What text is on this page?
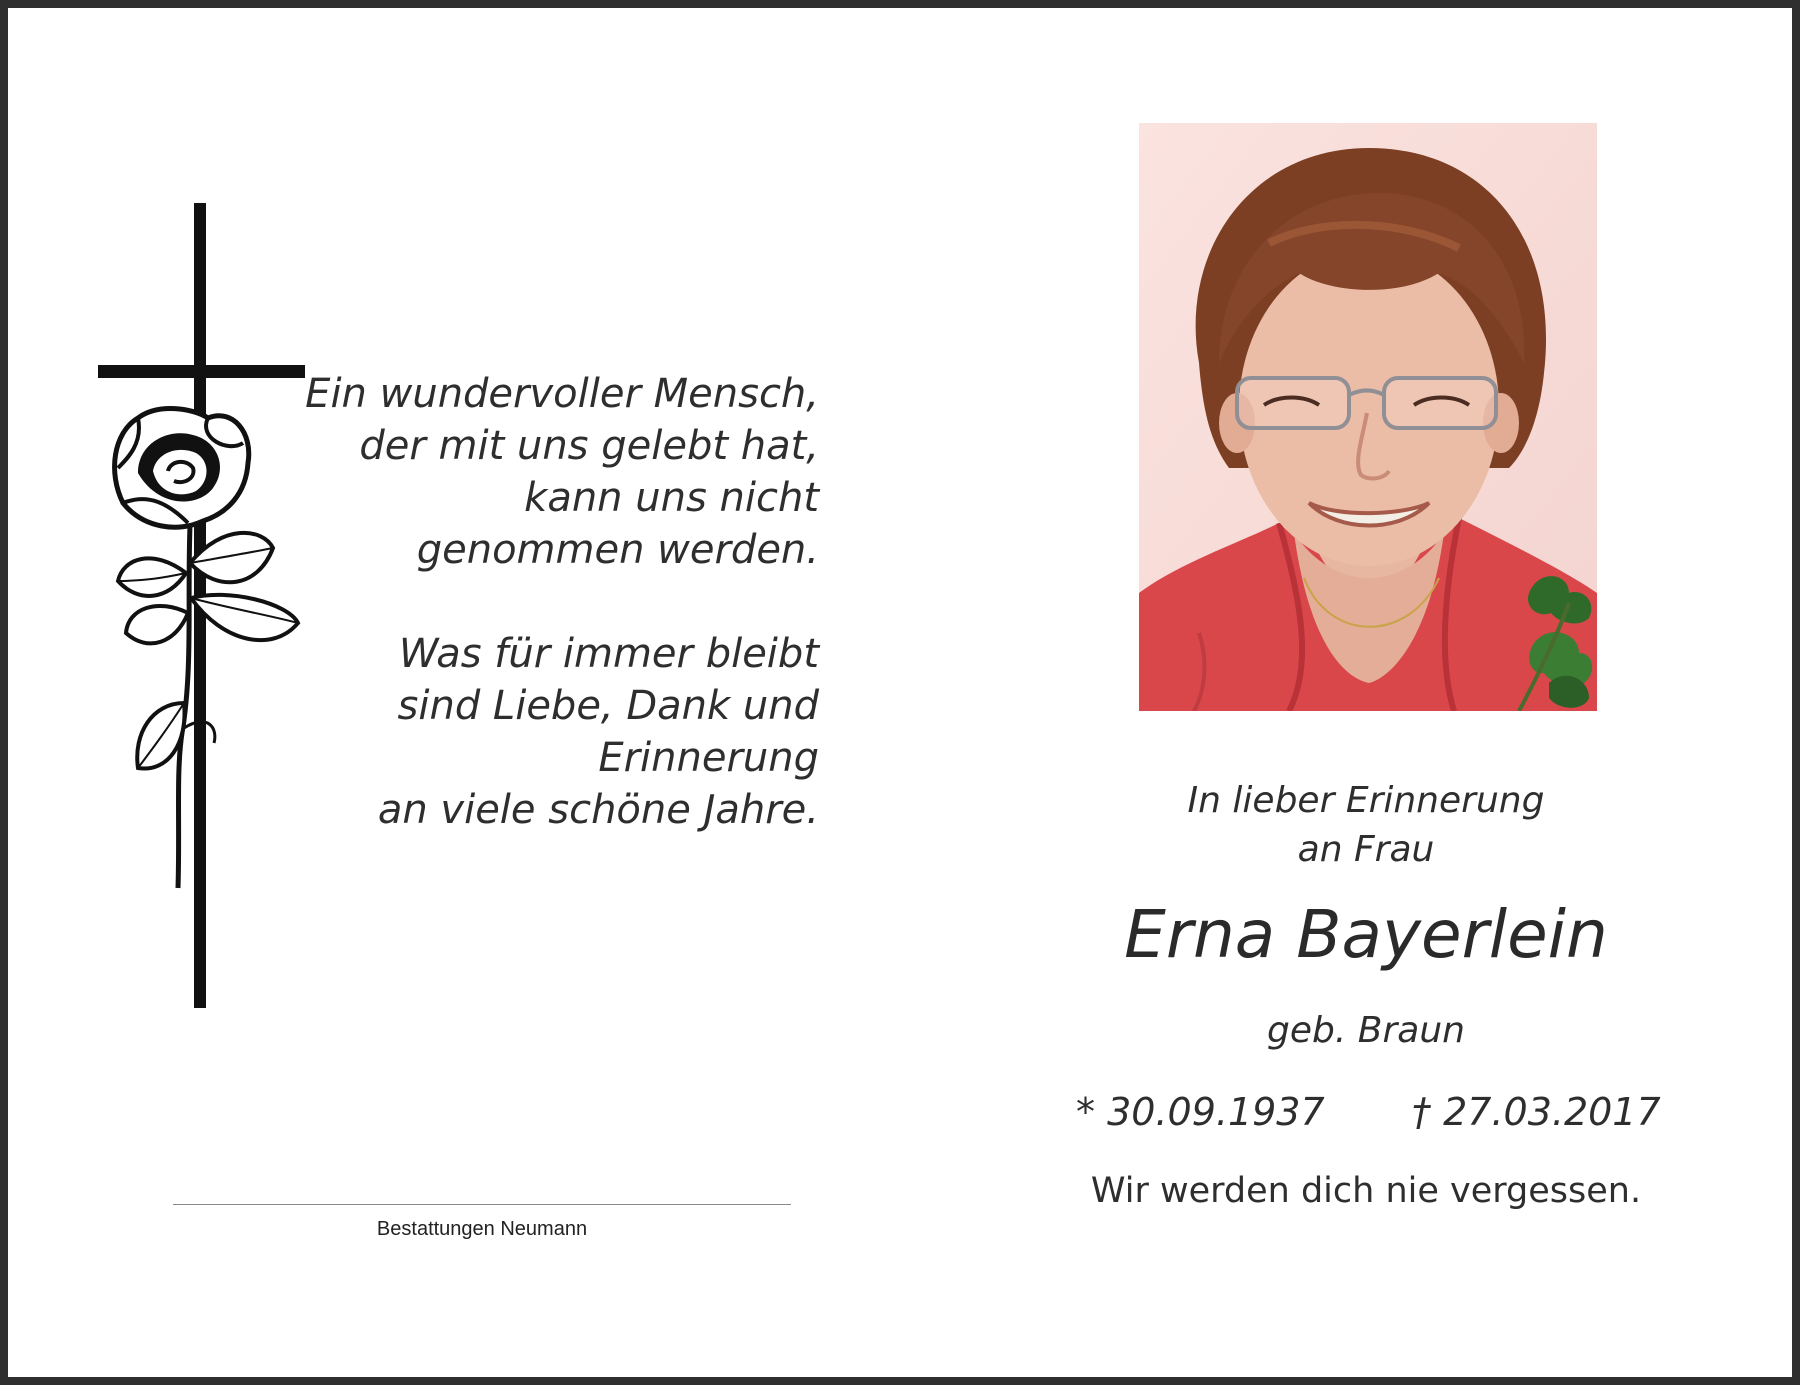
Ein wundervoller Mensch,
der mit uns gelebt hat,
kann uns nicht
genommen werden.
Was für immer bleibt
sind Liebe, Dank und
Erinnerung
an viele schöne Jahre.
Bestattungen Neumann
In lieber Erinnerung
an Frau
Erna Bayerlein
geb. Braun
* 30.09.1937 † 27.03.2017
Wir werden dich nie vergessen.
